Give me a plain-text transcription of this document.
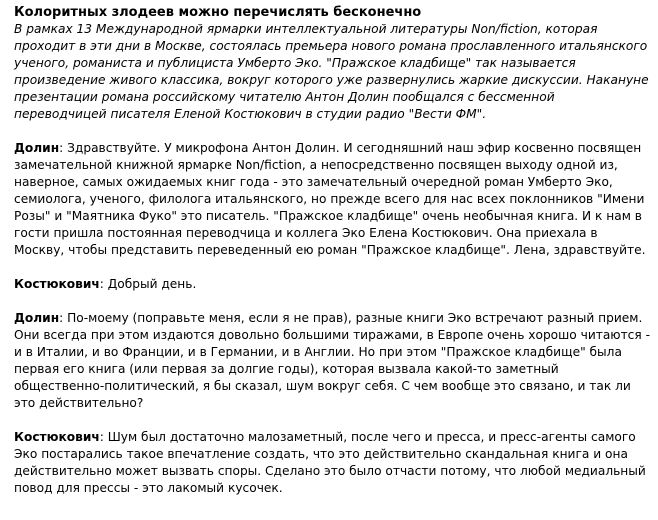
Колоритных злодеев можно перечислять бесконечно

В рамках 13 Международной ярмарки интеллектуальной литературы Non/fiction, которая проходит в эти дни в Москве, состоялась премьера нового романа прославленного итальянского ученого, романиста и публициста Умберто Эко. "Пражское кладбище" так называется произведение живого классика, вокруг которого уже развернулись жаркие дискуссии. Накануне презентации романа российскому читателю Антон Долин пообщался с бессменной переводчицей писателя Еленой Костюкович в студии радио "Вести ФМ".

Долин: Здравствуйте. У микрофона Антон Долин. И сегодняшний наш эфир косвенно посвящен замечательной книжной ярмарке Non/fiction, а непосредственно посвящен выходу одной из, наверное, самых ожидаемых книг года - это замечательный очередной роман Умберто Эко, семиолога, ученого, филолога итальянского, но прежде всего для нас всех поклонников "Имени Розы" и "Маятника Фуко" это писатель. "Пражское кладбище" очень необычная книга. И к нам в гости пришла постоянная переводчица и коллега Эко Елена Костюкович. Она приехала в Москву, чтобы представить переведенный ею роман "Пражское кладбище". Лена, здравствуйте.

Костюкович: Добрый день.

Долин: По-моему (поправьте меня, если я не прав), разные книги Эко встречают разный прием. Они всегда при этом издаются довольно большими тиражами, в Европе очень хорошо читаются - и в Италии, и во Франции, и в Германии, и в Англии. Но при этом "Пражское кладбище" была первая его книга (или первая за долгие годы), которая вызвала какой-то заметный общественно-политический, я бы сказал, шум вокруг себя. С чем вообще это связано, и так ли это действительно?

Костюкович: Шум был достаточно малозаметный, после чего и пресса, и пресс-агенты самого Эко постарались такое впечатление создать, что это действительно скандальная книга и она действительно может вызвать споры. Сделано это было отчасти потому, что любой медиальный повод для прессы - это лакомый кусочек.
